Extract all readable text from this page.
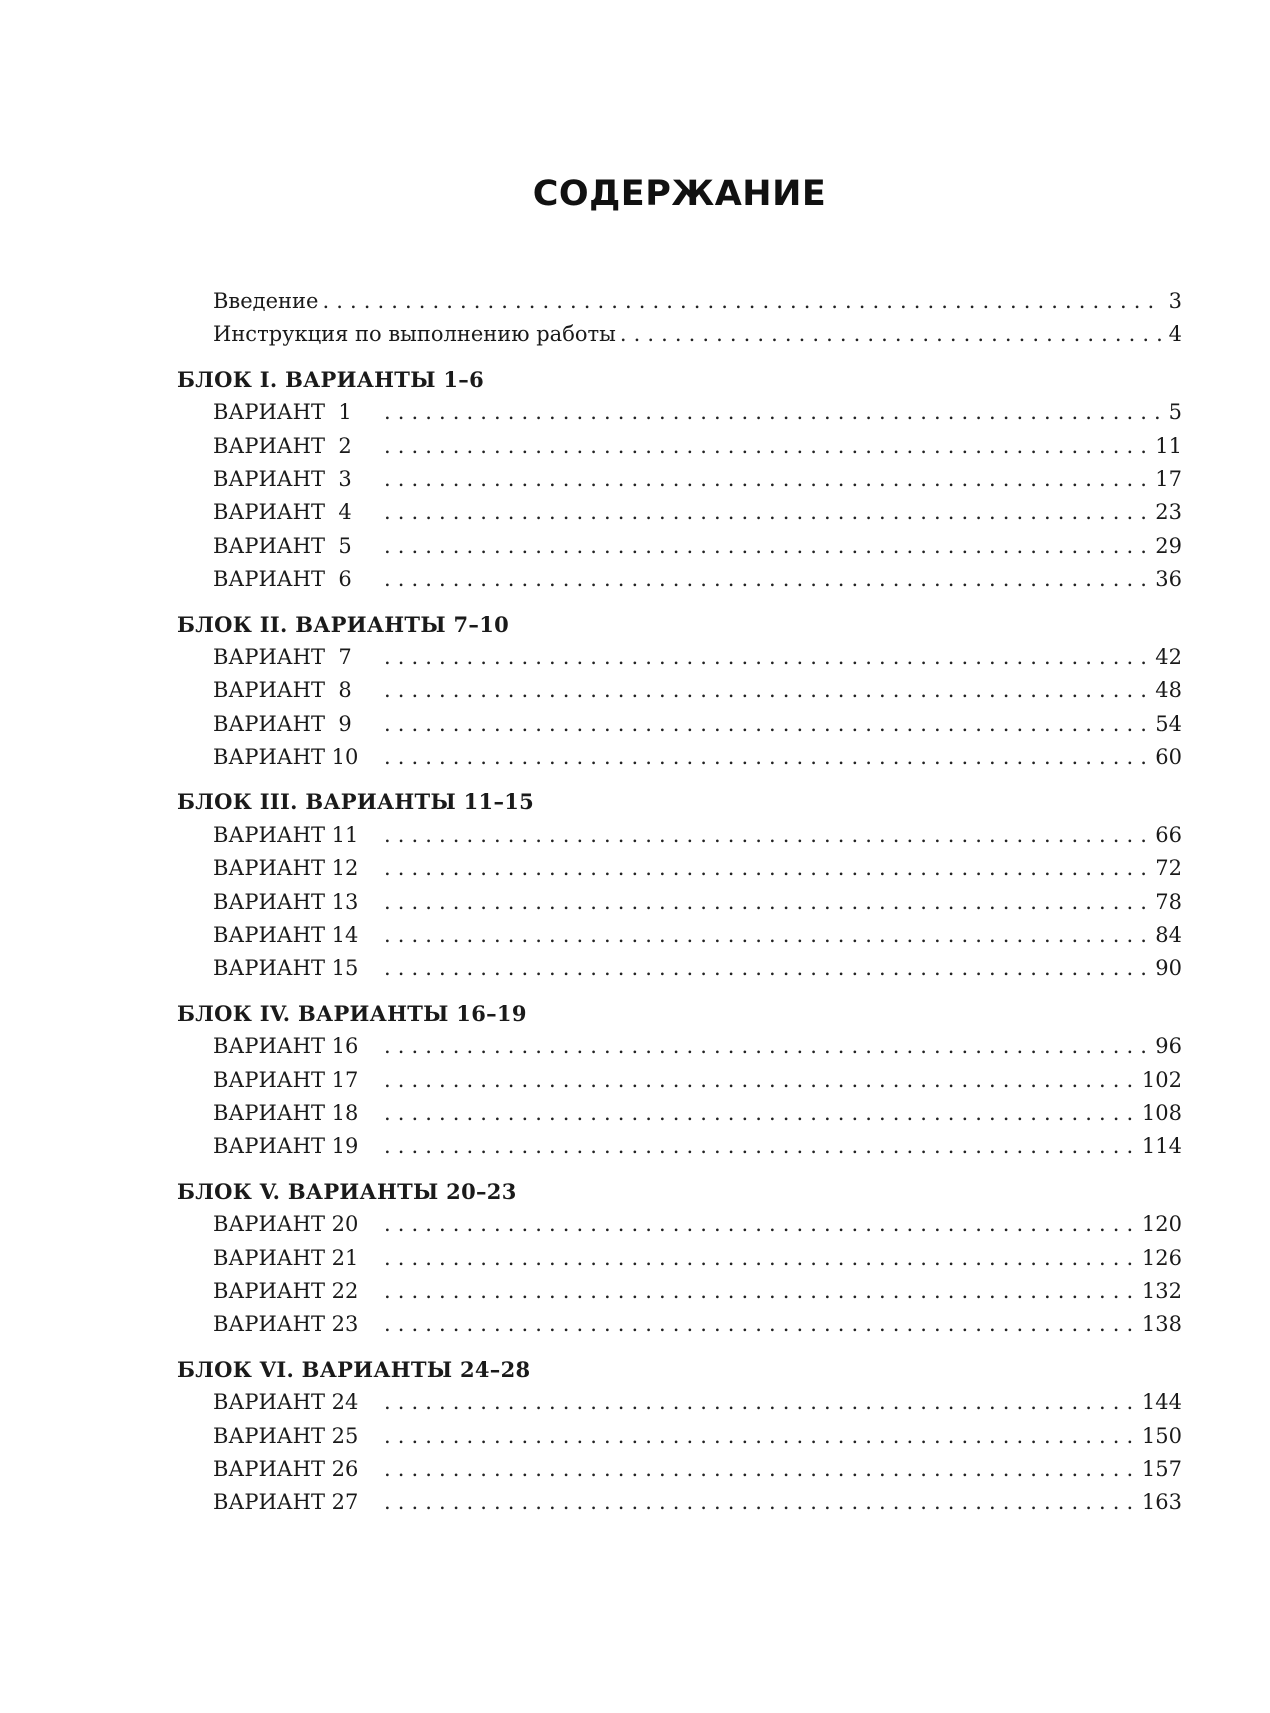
СОДЕРЖАНИЕ
Введение . . .	3
Инструкция по выполнению работы . . .	4
БЛОК I. ВАРИАНТЫ 1–6
ВАРИАНТ  1 . . .	5
ВАРИАНТ  2 . . .	11
ВАРИАНТ  3 . . .	17
ВАРИАНТ  4 . . .	23
ВАРИАНТ  5 . . .	29
ВАРИАНТ  6 . . .	36
БЛОК II. ВАРИАНТЫ 7–10
ВАРИАНТ  7 . . .	42
ВАРИАНТ  8 . . .	48
ВАРИАНТ  9 . . .	54
ВАРИАНТ 10 . . .	60
БЛОК III. ВАРИАНТЫ 11–15
ВАРИАНТ 11 . . .	66
ВАРИАНТ 12 . . .	72
ВАРИАНТ 13 . . .	78
ВАРИАНТ 14 . . .	84
ВАРИАНТ 15 . . .	90
БЛОК IV. ВАРИАНТЫ 16–19
ВАРИАНТ 16 . . .	96
ВАРИАНТ 17 . . .	102
ВАРИАНТ 18 . . .	108
ВАРИАНТ 19 . . .	114
БЛОК V. ВАРИАНТЫ 20–23
ВАРИАНТ 20 . . .	120
ВАРИАНТ 21 . . .	126
ВАРИАНТ 22 . . .	132
ВАРИАНТ 23 . . .	138
БЛОК VI. ВАРИАНТЫ 24–28
ВАРИАНТ 24 . . .	144
ВАРИАНТ 25 . . .	150
ВАРИАНТ 26 . . .	157
ВАРИАНТ 27 . . .	163
